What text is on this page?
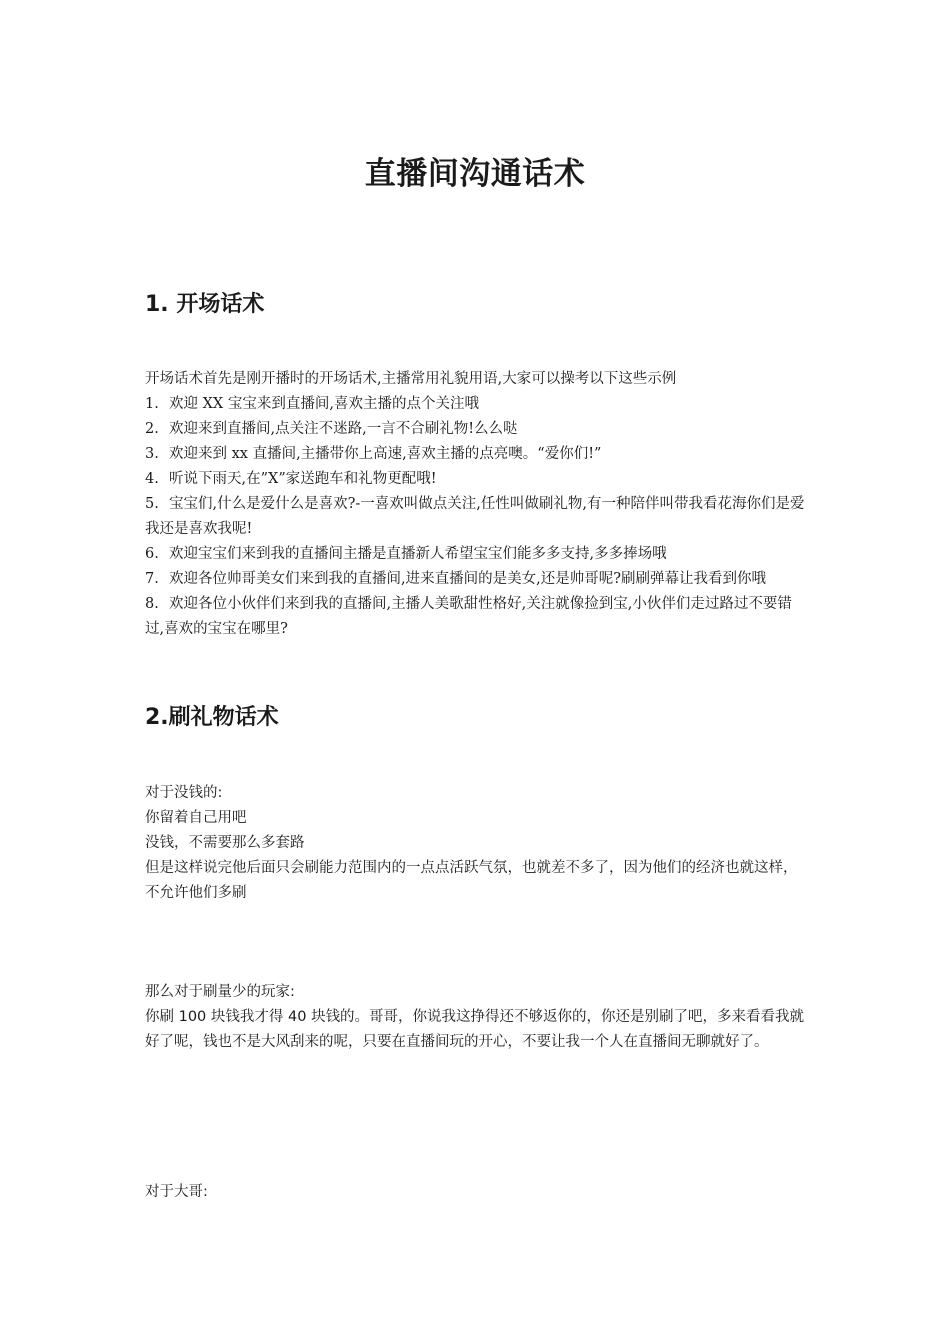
直播间沟通话术
1. 开场话术

开场话术首先是刚开播时的开场话术,主播常用礼貌用语,大家可以操考以下这些示例

1. 欢迎 XX 宝宝来到直播间,喜欢主播的点个关注哦

2. 欢迎来到直播间,点关注不迷路,一言不合刷礼物!么么哒

3. 欢迎来到 xx 直播间,主播带你上高速,喜欢主播的点亮噢。“爱你们!”

4. 听说下雨天,在”X”家送跑车和礼物更配哦!

5. 宝宝们,什么是爱什么是喜欢?-一喜欢叫做点关注,任性叫做刷礼物,有一种陪伴叫带我看花海你们是爱我还是喜欢我呢!

6. 欢迎宝宝们来到我的直播间主播是直播新人希望宝宝们能多多支持,多多捧场哦

7. 欢迎各位帅哥美女们来到我的直播间,进来直播间的是美女,还是帅哥呢?刷刷弹幕让我看到你哦

8. 欢迎各位小伙伴们来到我的直播间,主播人美歌甜性格好,关注就像捡到宝,小伙伴们走过路过不要错过,喜欢的宝宝在哪里?

2.刷礼物话术

对于没钱的:

你留着自己用吧

没钱，不需要那么多套路

但是这样说完他后面只会刷能力范围内的一点点活跃气氛，也就差不多了，因为他们的经济也就这样，不允许他们多刷

那么对于刷量少的玩家:

你刷 100 块钱我才得 40 块钱的。哥哥，你说我这挣得还不够返你的，你还是别刷了吧，多来看看我就好了呢，钱也不是大风刮来的呢，只要在直播间玩的开心，不要让我一个人在直播间无聊就好了。

对于大哥:
